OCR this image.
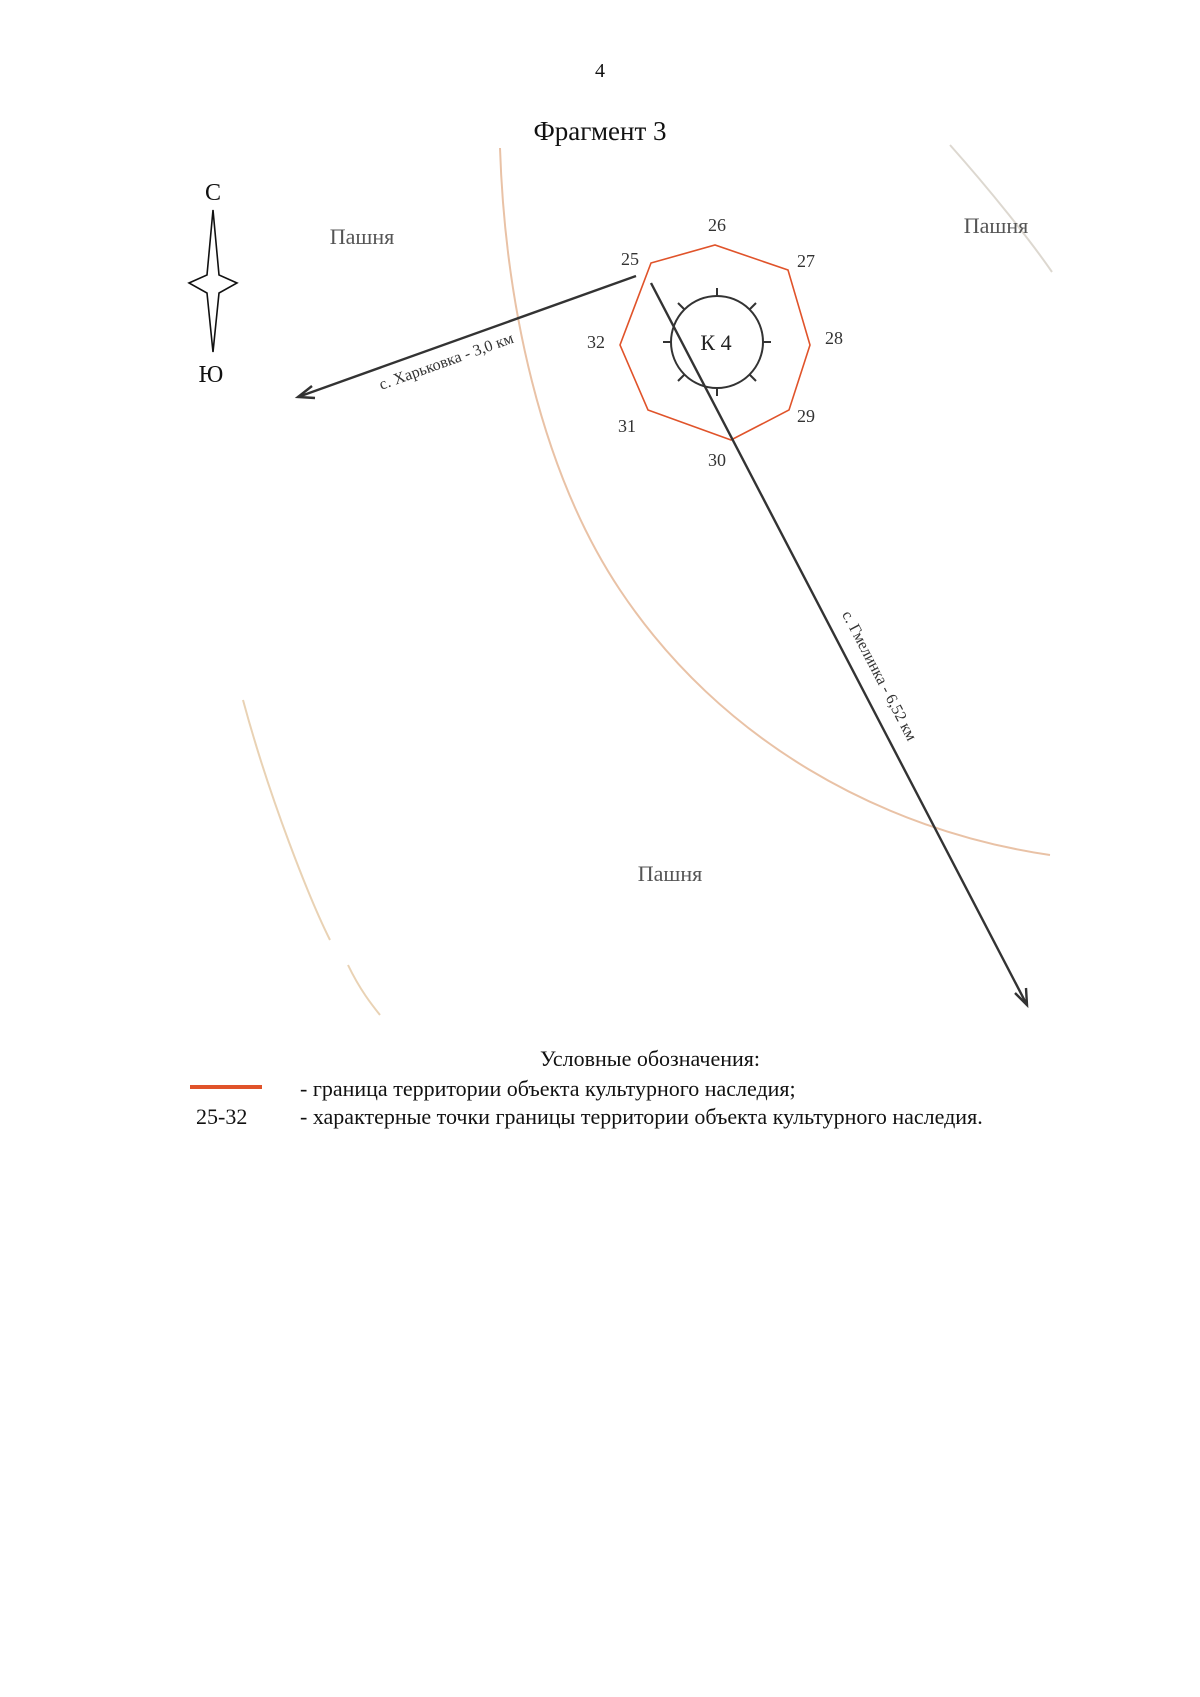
4
Фрагмент 3
С
Ю
Пашня	Пашня
Пашня
К 4
25
26
27
28
29
30
31
32
с. Харьковка - 3,0 км
с. Гмелинка - 6,52 км
Условные обозначения:
- граница территории объекта культурного наследия;
25-32 - характерные точки границы территории объекта культурного наследия.
